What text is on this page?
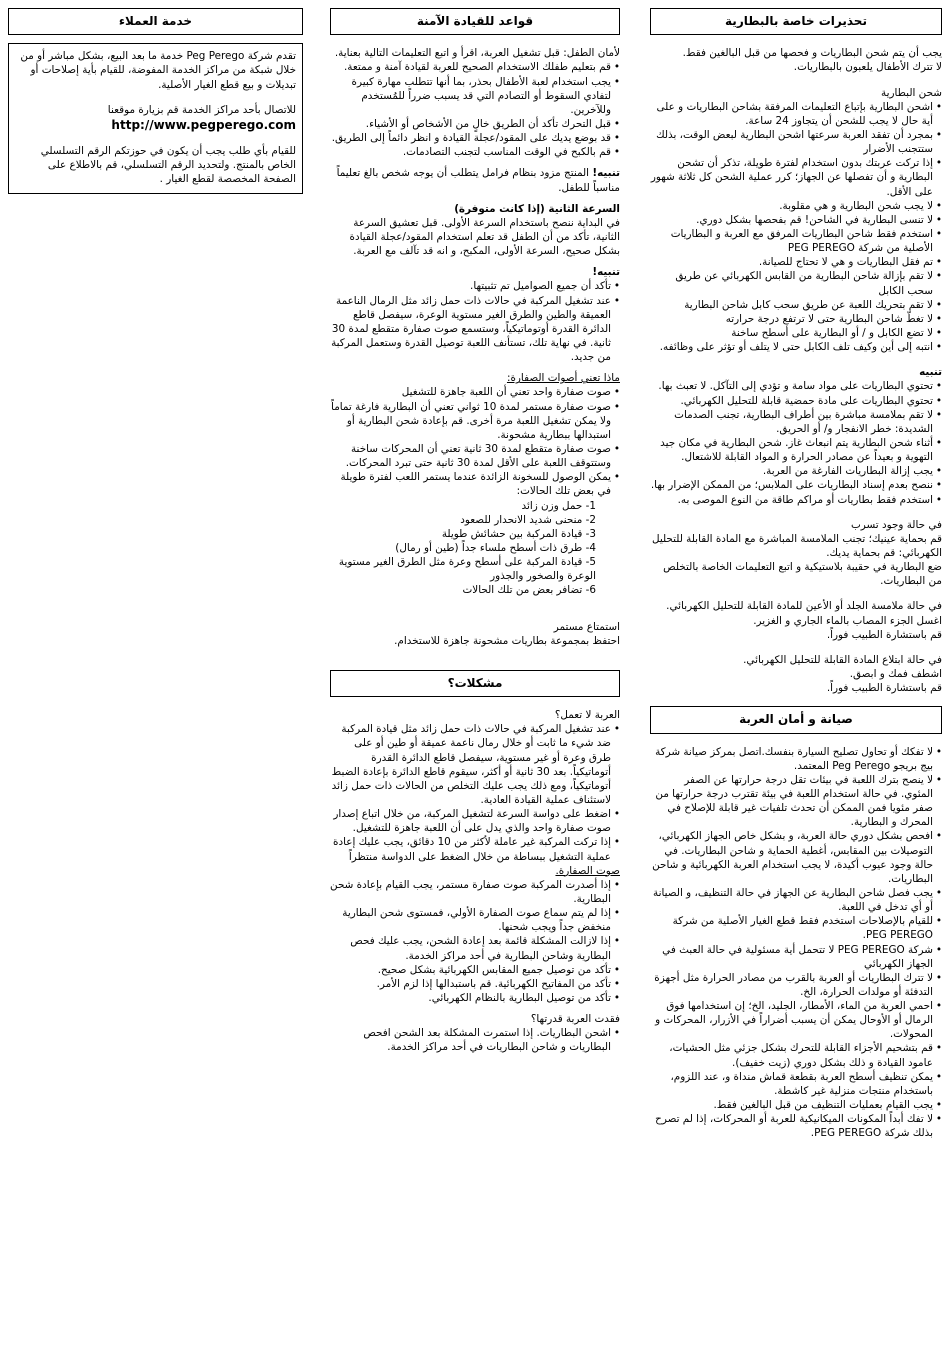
تحذيرات خاصة بالبطارية

يجب أن يتم شحن البطاريات و فحصها من قبل البالغين فقط.

لا تترك الأطفال يلعبون بالبطاريات.

شحن البطارية

• اشحن البطارية بإتباع التعليمات المرفقة بشاحن البطاريات و على أية حال لا يجب للشحن أن يتجاوز 24 ساعة.
• بمجرد أن تفقد العربة سرعتها اشحن البطارية لبعض الوقت، بذلك ستتجنب الأضرار
• إذا تركت عربتك بدون استخدام لفترة طويلة، تذكر أن تشحن البطارية و أن تفصلها عن الجهاز؛ كرر عملية الشحن كل ثلاثة شهور على الأقل.
• لا يجب شحن البطارية و هي مقلوبة.
• لا تنسى البطارية في الشاحن! قم بفحصها بشكل دوري.
• استخدم فقط شاحن البطاريات المرفق مع العربة و البطاريات الأصلية من شركة PEG PEREGO
• تم فقل البطاريات و هي لا تحتاج للصيانة.
• لا تقم بإزالة شاحن البطارية من القابس الكهربائي عن طريق سحب الكابل
• لا تقم بتحريك اللعبة عن طريق سحب كابل شاحن البطارية
• لا تغطّ شاحن البطارية حتى لا ترتفع درجة حرارته
• لا تضع الكابل و / أو البطارية على أسطح ساخنة
• انتبه إلى أين وكيف تلف الكابل حتى لا يتلف أو تؤثر على وظائفه.

تنبيه

• تحتوي البطاريات على مواد سامة و تؤدي إلى التآكل. لا تعبث بها.
• تحتوي البطاريات على مادة حمضية قابلة للتحليل الكهربائي.
• لا تقم بملامسة مباشرة بين أطراف البطارية، تجنب الصدمات الشديدة: خطر الانفجار و/ أو الحريق.
• أثناء شحن البطارية يتم انبعاث غاز. شحن البطارية في مكان جيد التهوية و بعيداً عن مصادر الحرارة و المواد القابلة للاشتعال.
• يجب إزالة البطاريات الفارغة من العربة.
• ننصح بعدم إسناد البطاريات على الملابس؛ من الممكن الإضرار بها.
• استخدم فقط بطاريات أو مراكم طاقة من النوع الموصى به.

في حالة وجود تسرب

قم بحماية عينيك؛ تجنب الملامسة المباشرة مع المادة القابلة للتحليل الكهربائي: قم بحماية يديك.

ضع البطارية في حقيبة بلاستيكية و اتبع التعليمات الخاصة بالتخلص من البطاريات.

في حالة ملامسة الجلد أو الأعين للمادة القابلة للتحليل الكهربائي.

اغسل الجزء المصاب بالماء الجاري و الغزير.

قم باستشارة الطبيب فوراً.

في حالة ابتلاع المادة القابلة للتحليل الكهربائي.

اشطف فمك و ابصق.

قم باستشارة الطبيب فوراً.

صيانة و أمان العربة
• لا تفكك أو تحاول تصليح السيارة بنفسك.اتصل بمركز صيانة شركة بيج بريجو Peg Perego المعتمد.
• لا ينصح بترك اللعبة في بيئات تقل درجة حرارتها عن الصفر المئوي. في حالة استخدام اللعبة في بيئة تقترب درجة حرارتها من صفر مئويا فمن الممكن أن تحدث تلفيات غير قابلة للإصلاح في المحرك و البطارية.
• افحص بشكل دوري حالة العربة، و بشكل خاص الجهاز الكهربائي، التوصيلات بين المقابس، أغطية الحماية و شاحن البطاريات. في حالة وجود عيوب أكيدة، لا يجب استخدام العربة الكهربائية و شاحن البطاريات.
• يجب فصل شاحن البطارية عن الجهاز في حالة التنظيف، و الصيانة أو أي تدخل في اللعبة.
• للقيام بالإصلاحات استخدم فقط قطع الغيار الأصلية من شركة PEG PEREGO.
• شركة PEG PEREGO لا تتحمل أية مسئولية في حالة العبث في الجهاز الكهربائي
• لا تترك البطاريات أو العربة بالقرب من مصادر الحرارة مثل أجهزة التدفئة أو مولدات الحرارة، الخ.
• احمي العربة من الماء، الأمطار، الجليد، الخ؛ إن استخدامها فوق الرمال أو الأوحال يمكن أن يسبب أضراراً في الأزرار، المحركات و المحولات.
• قم بتشحيم الأجزاء القابلة للتحرك بشكل جزئي مثل الحشيات، عامود القيادة و ذلك بشكل دوري (زيت خفيف).
• يمكن تنظيف أسطح العربة بقطعة قماش منداة و، عند اللزوم، باستخدام منتجات منزلية غير كاشطة.
• يجب القيام بعمليات التنظيف من قبل البالغين فقط.
• لا تفك أبداً المكونات الميكانيكية للعربة أو المحركات، إذا لم تصرح بذلك شركة PEG PEREGO.
قواعد للقيادة الآمنة

لأمان الطفل: قبل تشغيل العربة، اقرأ و اتبع التعليمات التالية بعناية.

• قم بتعليم طفلك الاستخدام الصحيح للعربة لقيادة آمنة و ممتعة.
• يجب استخدام لعبة الأطفال بحذر، بما أنها تتطلب مهارة كبيرة لتفادي السقوط أو التصادم التي قد يسبب ضرراً للمُستخدم وللآخرين.
• قبل التحرك تأكد أن الطريق خالٍ من الأشخاص أو الأشياء.
• قد بوضع يديك على المقود/عجلة القيادة و انظر دائماً إلى الطريق.
• قم بالكبح في الوقت المناسب لتجنب التصادمات.

تنبيه! المنتج مزود بنظام فرامل يتطلب أن يوجه شخص بالغ تعليماً مناسباً للطفل.

السرعة الثانية (إذا كانت متوفرة)

في البداية ننصح باستخدام السرعة الأولى. قبل تعشيق السرعة الثانية، تأكد من أن الطفل قد تعلم استخدام المقود/عجلة القيادة بشكل صحيح، السرعة الأولى، المكبح، و انه قد تآلف مع العربة.

تنبيه!

• تأكد أن جميع الصواميل تم تثبيتها.
• عند تشغيل المركبة في حالات ذات حمل زائد مثل الرمال الناعمة العميقة والطين والطرق الغير مستوية الوعرة، سيفصل قاطع الدائرة القدرة أوتوماتيكياً، وستسمع صوت صفارة متقطع لمدة 30 ثانية. في نهاية تلك، تستأنف اللعبة توصيل القدرة وستعمل المركبة من جديد.

ماذا تعني أصوات الصفارة:

• صوت صفارة واحد تعني أن اللعبة جاهزة للتشغيل
• صوت صفارة مستمر لمدة 10 ثواني تعني أن البطارية فارغة تماماً ولا يمكن تشغيل اللعبة مرة أخرى. قم بإعادة شحن البطارية أو استبدالها ببطارية مشحونة.
• صوت صفارة متقطع لمدة 30 ثانية تعني أن المحركات ساخنة وستتوقف اللعبة على الأقل لمدة 30 ثانية حتى تبرد المحركات.
• يمكن الوصول للسخونة الزائدة عندما يستمر اللعب لفترة طويلة في بعض تلك الحالات:
1- حمل وزن زائد
2- منحنى شديد الانحدار للصعود
3- قيادة المركبة بين حشائش طويلة
4- طرق ذات أسطح ملساء جداً (طين أو رمال)
5- قيادة المركبة على أسطح وعرة مثل الطرق الغير مستوية الوعرة والصخور والجذور
6- تضافر بعض من تلك الحالات

استمتاع مستمر

احتفظ بمجموعة بطاريات مشحونة جاهزة للاستخدام.

مشكلات؟

العربة لا تعمل؟

• عند تشغيل المركبة في حالات ذات حمل زائد مثل قيادة المركبة ضد شيء ما ثابت أو خلال رمال ناعمة عميقة أو طين أو على طرق وعرة أو غير مستوية، سيفصل قاطع الدائرة القدرة أتوماتيكياً. بعد 30 ثانية أو أكثر، سيقوم قاطع الدائرة بإعادة الضبط أتوماتيكياً، ومع ذلك يجب عليك التخلص من الحالات ذات حمل زائد لاستئناف عملية القيادة العادية.
• اضغط على دواسة السرعة لتشغيل المركبة، من خلال اتباع إصدار صوت صفارة واحد والذي يدل على أن اللعبة جاهزة للتشغيل.
• إذا تركت المركبة غير عاملة لأكثر من 10 دقائق، يجب عليك إعادة عملية التشغيل ببساطة من خلال الضغط على الدواسة منتظراً

صوت الصفارة.

• إذا أصدرت المركبة صوت صفارة مستمر، يجب القيام بإعادة شحن البطارية.
• إذا لم يتم سماع صوت الصفارة الأولي، فمستوى شحن البطارية منخفض جداً ويجب شحنها.
• إذا لازالت المشكلة قائمة بعد إعادة الشحن، يجب عليك فحص البطارية وشاحن البطارية في أحد مراكز الخدمة.
• تأكد من توصيل جميع المقابس الكهربائية بشكل صحيح.
• تأكد من المفاتيح الكهربائية. قم باستبدالها إذا لزم الأمر.
• تأكد من توصيل البطارية بالنظام الكهربائي.

فقدت العربة قدرتها؟

• اشحن البطاريات. إذا استمرت المشكلة بعد الشحن افحص البطاريات و شاحن البطاريات في أحد مراكز الخدمة.
خدمة العملاء

تقدم شركة Peg Perego خدمة ما بعد البيع، بشكل مباشر أو من خلال شبكة من مراكز الخدمة المفوضة، للقيام بأية إصلاحات أو تبديلات و بيع قطع الغيار الأصلية.

للاتصال بأحد مراكز الخدمة قم بزيارة موقعنا

http://www.pegperego.com

للقيام بأي طلب يجب أن يكون في حوزتكم الرقم التسلسلي الخاص بالمنتج. ولتحديد الرقم التسلسلي، قم بالاطلاع على الصفحة المخصصة لقطع الغيار .
